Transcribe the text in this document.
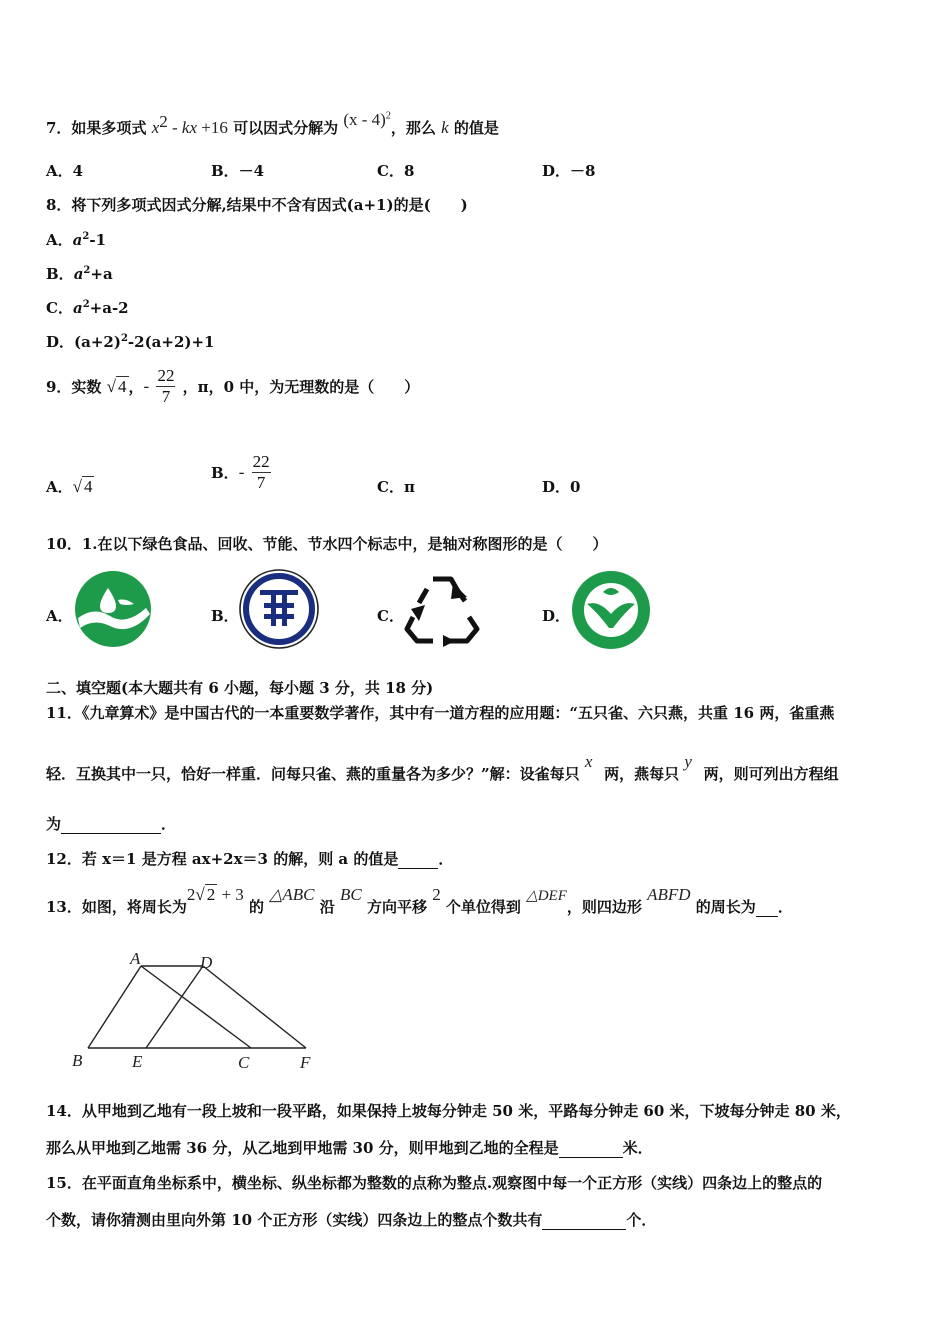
7．如果多项式 $x^2$ - kx +16 可以因式分解为 (x - 4)$^2$，那么 k 的值是
A．4	B．－4	C．8	D．－8
8．将下列多项式因式分解,结果中不含有因式(a+1)的是(　　)
A．$a^2-1$
B．$a^2+a$
C．$a^2+a-2$
D．$(a+2)^2-2(a+2)+1$
9．实数 √ 4 ，- $\frac{22}{7}$ ，π，0 中，为无理数的是（　　）
A．√ 4
B．- $\frac{22}{7}$	C．π	D．0
10．1.在以下绿色食品、回收、节能、节水四个标志中，是轴对称图形的是（　　）
A．	B．	C．	D．
二、填空题(本大题共有 6 小题，每小题 3 分，共 18 分)
11．《九章算术》是中国古代的一本重要数学著作，其中有一道方程的应用题：“五只雀、六只燕，共重 16 两，雀重燕
轻．互换其中一只，恰好一样重．问每只雀、燕的重量各为多少？”解：设雀每只 x 两，燕每只 y 两，则可列出方程组
为	．
12．若 x＝1 是方程 ax+2x＝3 的解，则 a 的值是	．
13．如图，将周长为2√ 2 + 3 的 △ABC 沿 BC 方向平移 2 个单位得到 △DEF，则四边形 ABFD 的周长为 ．
A	D
B	E	C	F
14．从甲地到乙地有一段上坡和一段平路，如果保持上坡每分钟走 50 米，平路每分钟走 60 米，下坡每分钟走 80 米，
那么从甲地到乙地需 36 分，从乙地到甲地需 30 分，则甲地到乙地的全程是	米．
15．在平面直角坐标系中，横坐标、纵坐标都为整数的点称为整点.观察图中每一个正方形（实线）四条边上的整点的
个数，请你猜测由里向外第 10 个正方形（实线）四条边上的整点个数共有	个．
